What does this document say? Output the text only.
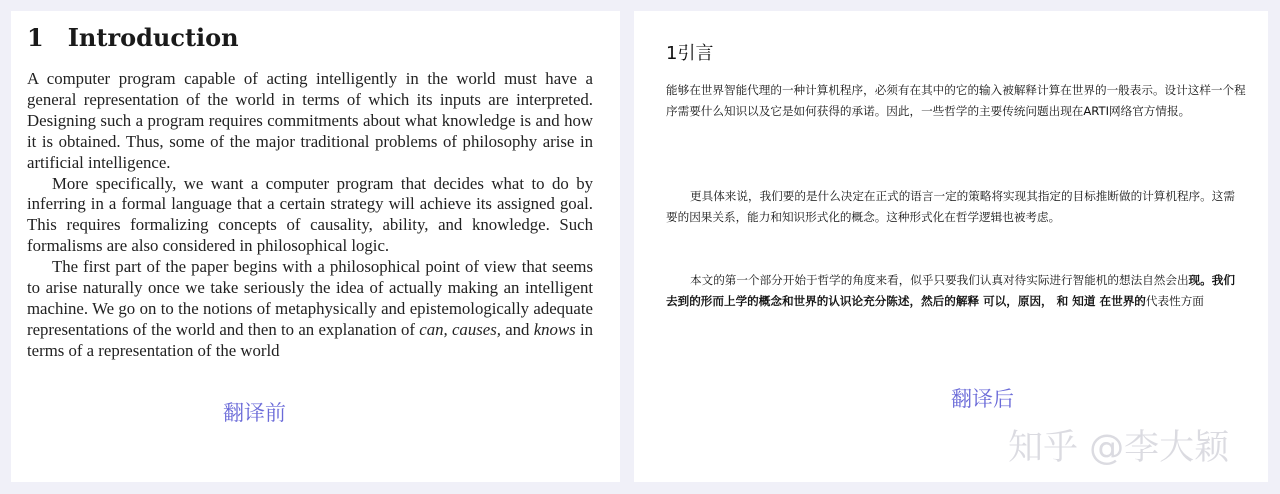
1 Introduction

A computer program capable of acting intelligently in the world must have a general representation of the world in terms of which its inputs are interpreted. Designing such a program requires commitments about what knowledge is and how it is obtained. Thus, some of the major traditional problems of philosophy arise in artificial intelligence.

More specifically, we want a computer program that decides what to do by inferring in a formal language that a certain strategy will achieve its assigned goal. This requires formalizing concepts of causality, ability, and knowledge. Such formalisms are also considered in philosophical logic.

The first part of the paper begins with a philosophical point of view that seems to arise naturally once we take seriously the idea of actually making an intelligent machine. We go on to the notions of metaphysically and epistemologically adequate representations of the world and then to an explanation of can, causes, and knows in terms of a representation of the world

翻译前
1引言

能够在世界智能代理的一种计算机程序，必须有在其中的它的输入被解释计算在世界的一般表示。设计这样一个程序需要什么知识以及它是如何获得的承诺。因此，一些哲学的主要传统问题出现在ARTI网络官方情报。

更具体来说，我们要的是什么决定在正式的语言一定的策略将实现其指定的目标推断做的计算机程序。这需要的因果关系，能力和知识形式化的概念。这种形式化在哲学逻辑也被考虑。

本文的第一个部分开始于哲学的角度来看，似乎只要我们认真对待实际进行智能机的想法自然会出现。我们去到的形而上学的概念和世界的认识论充分陈述，然后的解释 可以，原因， 和 知道 在世界的代表性方面

翻译后
知乎 @李大颖
